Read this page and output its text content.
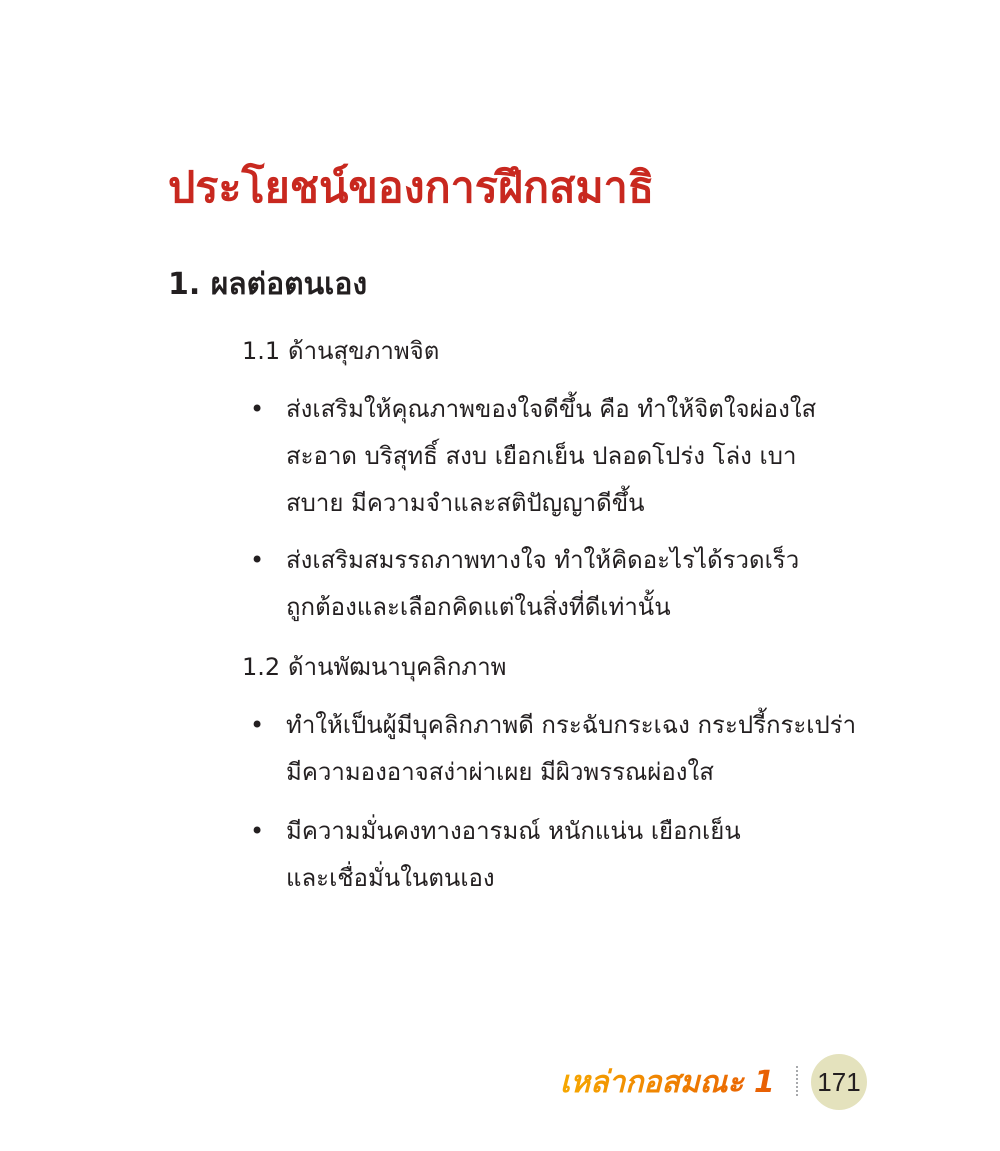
ประโยชน์ของการฝึกสมาธิ
1. ผลต่อตนเอง
1.1 ด้านสุขภาพจิต
• ส่งเสริมให้คุณภาพของใจดีขึ้น คือ ทำให้จิตใจผ่องใส
สะอาด บริสุทธิ์ สงบ เยือกเย็น ปลอดโปร่ง โล่ง เบา
สบาย มีความจำและสติปัญญาดีขึ้น
• ส่งเสริมสมรรถภาพทางใจ ทำให้คิดอะไรได้รวดเร็ว
ถูกต้องและเลือกคิดแต่ในสิ่งที่ดีเท่านั้น
1.2 ด้านพัฒนาบุคลิกภาพ
• ทำให้เป็นผู้มีบุคลิกภาพดี กระฉับกระเฉง กระปรี้กระเปร่า
มีความองอาจสง่าผ่าเผย มีผิวพรรณผ่องใส
• มีความมั่นคงทางอารมณ์ หนักแน่น เยือกเย็น
และเชื่อมั่นในตนเอง
เหล่ากอสมณะ 1 171
